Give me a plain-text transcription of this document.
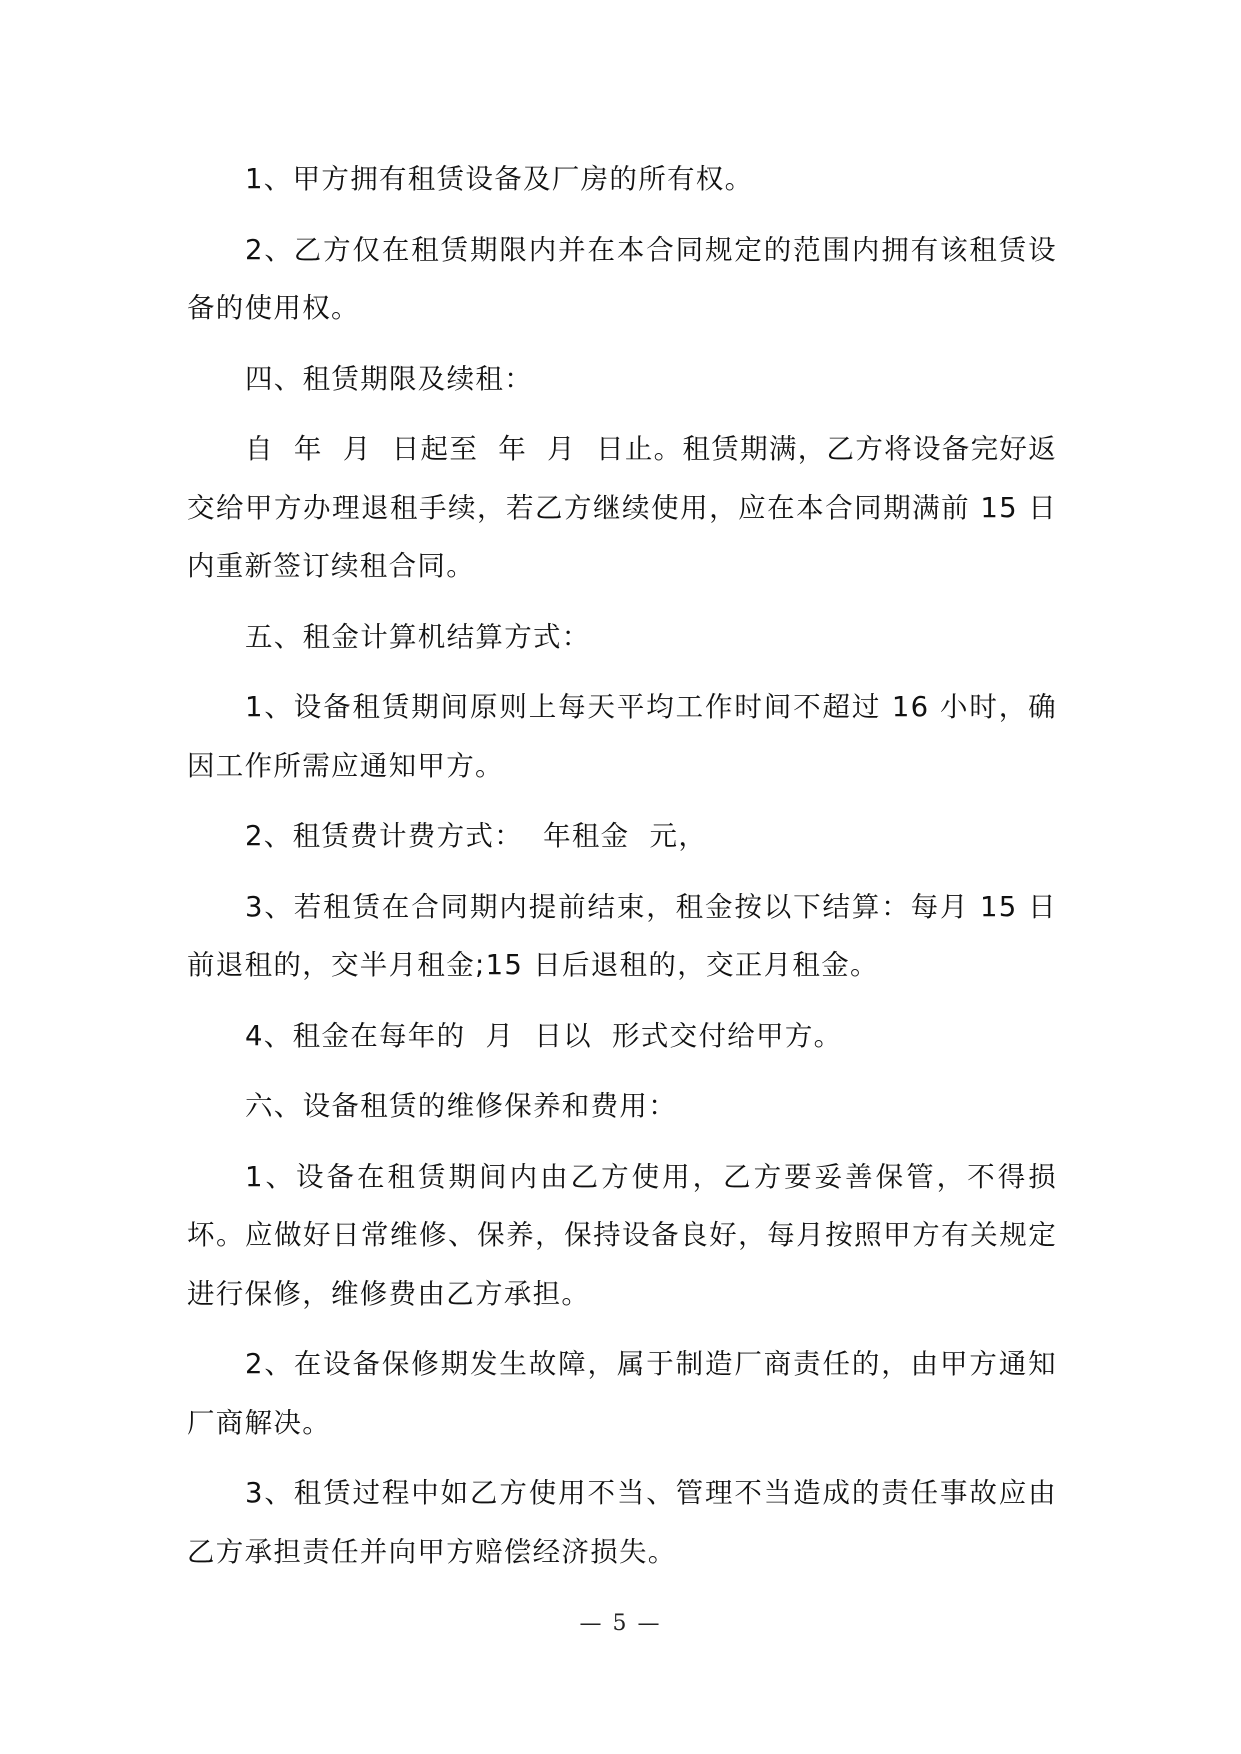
1、甲方拥有租赁设备及厂房的所有权。

2、乙方仅在租赁期限内并在本合同规定的范围内拥有该租赁设备的使用权。

四、租赁期限及续租：

自  年  月  日起至  年  月  日止。租赁期满，乙方将设备完好返交给甲方办理退租手续，若乙方继续使用，应在本合同期满前 15 日内重新签订续租合同。

五、租金计算机结算方式：

1、设备租赁期间原则上每天平均工作时间不超过 16 小时，确因工作所需应通知甲方。

2、租赁费计费方式：  年租金  元，

3、若租赁在合同期内提前结束，租金按以下结算：每月 15 日前退租的，交半月租金;15 日后退租的，交正月租金。

4、租金在每年的  月  日以  形式交付给甲方。

六、设备租赁的维修保养和费用：

1、设备在租赁期间内由乙方使用，乙方要妥善保管，不得损坏。应做好日常维修、保养，保持设备良好，每月按照甲方有关规定进行保修，维修费由乙方承担。

2、在设备保修期发生故障，属于制造厂商责任的，由甲方通知厂商解决。

3、租赁过程中如乙方使用不当、管理不当造成的责任事故应由乙方承担责任并向甲方赔偿经济损失。

— 5 —
